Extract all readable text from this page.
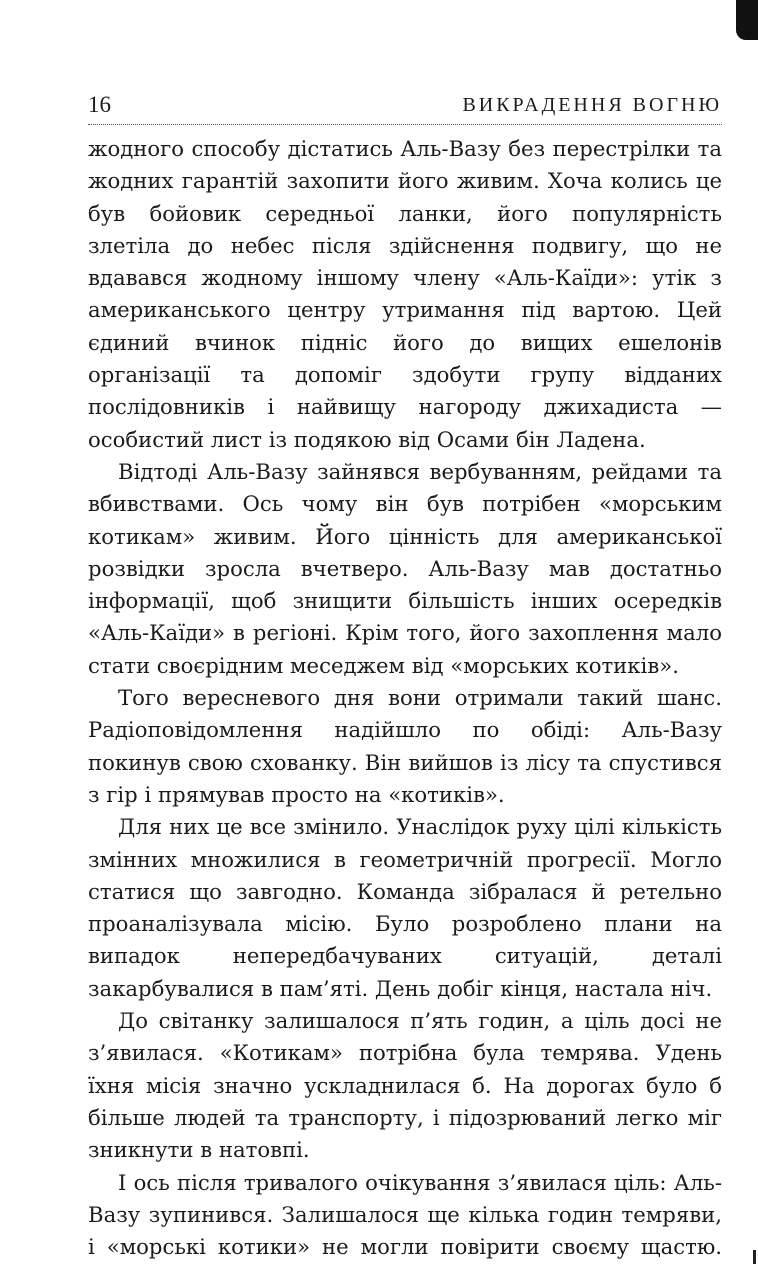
16	ВИКРАДЕННЯ ВОГНЮ

жодного способу дістатись Аль-Вазу без перестрілки та жодних гарантій захопити його живим. Хоча колись це був бойовик середньої ланки, його популярність злетіла до небес після здійснення подвигу, що не вдавався жодному іншому члену «Аль-Каїди»: утік з американського центру утримання під вартою. Цей єдиний вчинок підніс його до вищих ешелонів організації та допоміг здобути групу відданих послідовників і найвищу нагороду джихадиста — особистий лист із подякою від Осами бін Ладена.

Відтоді Аль-Вазу зайнявся вербуванням, рейдами та вбивствами. Ось чому він був потрібен «морським котикам» живим. Його цінність для американської розвідки зросла вчетверо. Аль-Вазу мав достатньо інформації, щоб знищити більшість інших осередків «Аль-Каїди» в регіоні. Крім того, його захоплення мало стати своєрідним меседжем від «морських котиків».

Того вересневого дня вони отримали такий шанс. Радіоповідомлення надійшло по обіді: Аль-Вазу покинув свою схованку. Він вийшов із лісу та спустився з гір і прямував просто на «котиків».

Для них це все змінило. Унаслідок руху цілі кількість змінних множилися в геометричній прогресії. Могло статися що завгодно. Команда зібралася й ретельно проаналізувала місію. Було розроблено плани на випадок непередбачуваних ситуацій, деталі закарбувалися в пам’яті. День добіг кінця, настала ніч.

До світанку залишалося п’ять годин, а ціль досі не з’явилася. «Котикам» потрібна була темрява. Удень їхня місія значно ускладнилася б. На дорогах було б більше людей та транспорту, і підозрюваний легко міг зникнути в натовпі.

І ось після тривалого очікування з’явилася ціль: Аль-Вазу зупинився. Залишалося ще кілька годин темряви, і «морські котики» не могли повірити своєму щастю.
